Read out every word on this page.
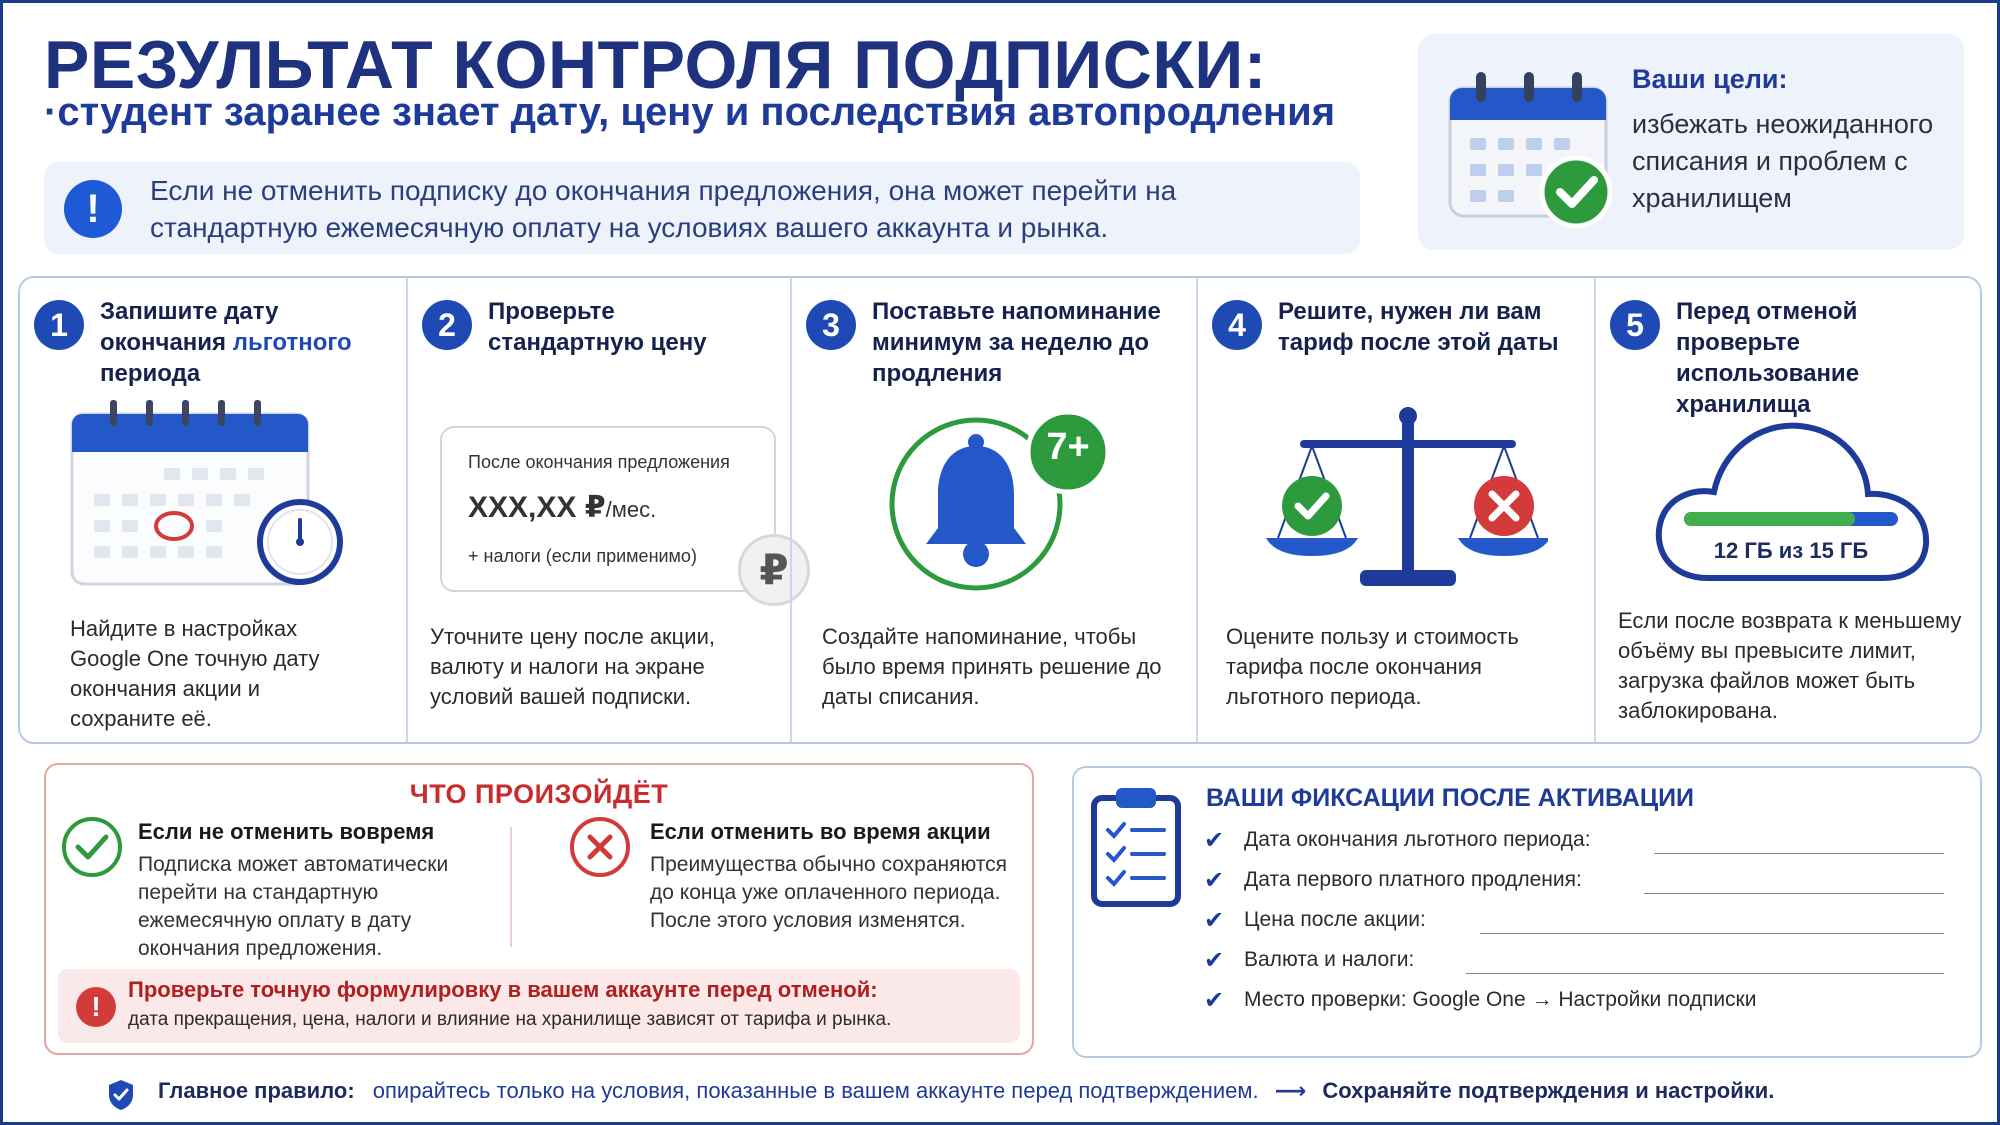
РЕЗУЛЬТАТ КОНТРОЛЯ ПОДПИСКИ:
·студент заранее знает дату, цену и последствия автопродления
!	Если не отменить подписку до окончания предложения, она может перейти на стандартную ежемесячную оплату на условиях вашего аккаунта и рынка.
Ваши цели:
избежать неожиданного списания и проблем с хранилищем
1	Запишите дату окончания льготного периода
Найдите в настройках Google One точную дату окончания акции и сохраните её.
2	Проверьте стандартную цену
После окончания предложения
XXX,XX ₽/мес.
+ налоги (если применимо)	₽
Уточните цену после акции, валюту и налоги на экране условий вашей подписки.
3	Поставьте напоминание минимум за неделю до продления
7+
Создайте напоминание, чтобы было время принять решение до даты списания.
4	Решите, нужен ли вам тариф после этой даты
Оцените пользу и стоимость тарифа после окончания льготного периода.
5	Перед отменой проверьте использование хранилища
12 ГБ из 15 ГБ
Если после возврата к меньшему объёму вы превысите лимит, загрузка файлов может быть заблокирована.
ЧТО ПРОИЗОЙДЁТ
Если не отменить вовремя
Подписка может автоматически перейти на стандартную ежемесячную оплату в дату окончания предложения.
Если отменить во время акции
Преимущества обычно сохраняются до конца уже оплаченного периода. После этого условия изменятся.
!
Проверьте точную формулировку в вашем аккаунте перед отменой:
дата прекращения, цена, налоги и влияние на хранилище зависят от тарифа и рынка.
ВАШИ ФИКСАЦИИ ПОСЛЕ АКТИВАЦИИ
✔ Дата окончания льготного периода:
✔ Дата первого платного продления:
✔ Цена после акции:
✔ Валюта и налоги:
✔ Место проверки: Google One → Настройки подписки
Главное правило: опирайтесь только на условия, показанные в вашем аккаунте перед подтверждением. ⟶ Сохраняйте подтверждения и настройки.
